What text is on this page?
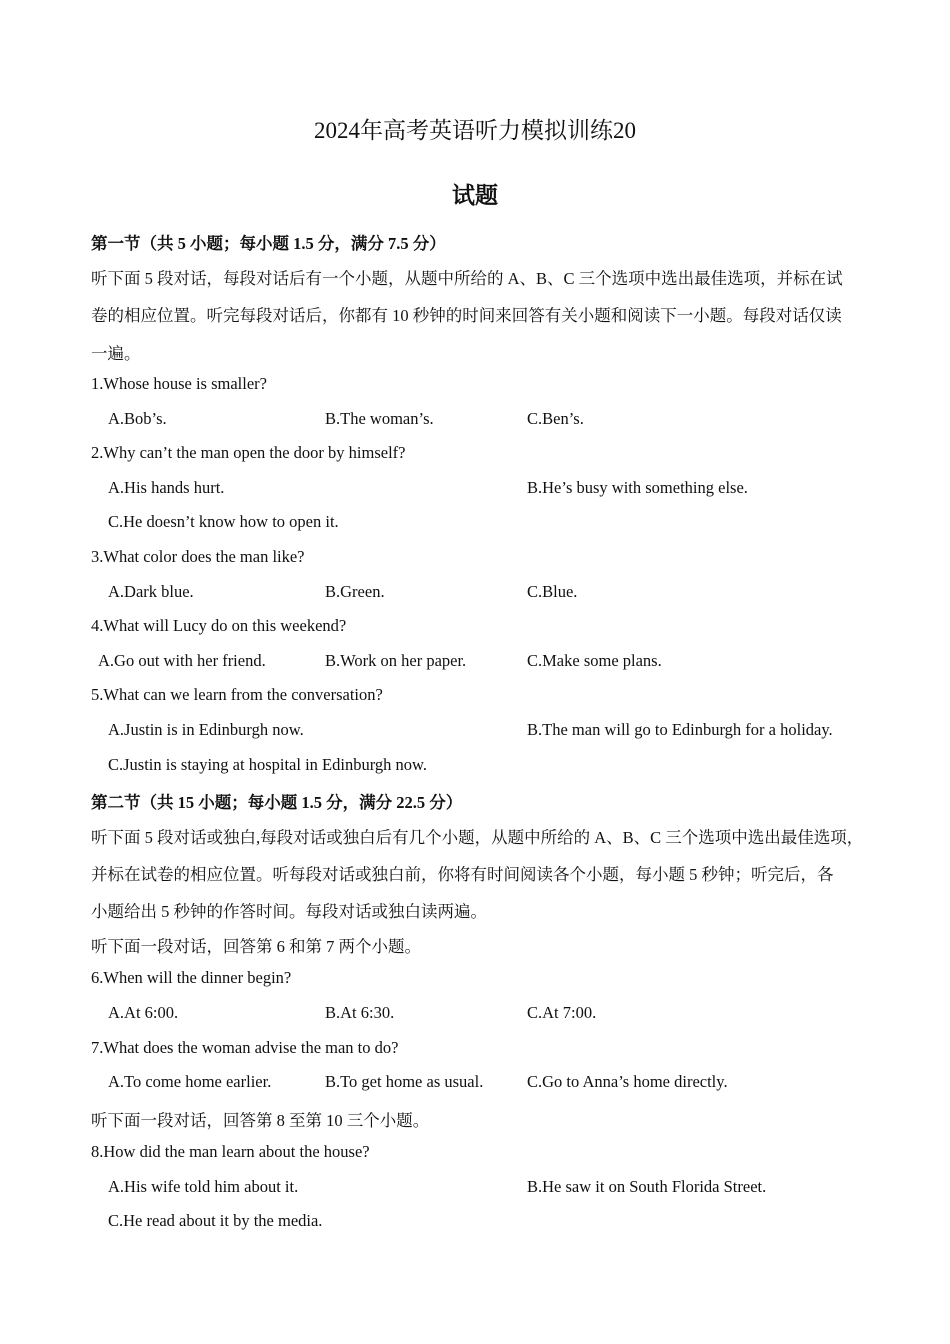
2024年高考英语听力模拟训练20
试题
第一节（共 5 小题；每小题 1.5 分，满分 7.5 分）
听下面 5 段对话，每段对话后有一个小题，从题中所给的 A、B、C 三个选项中选出最佳选项，并标在试
卷的相应位置。听完每段对话后，你都有 10 秒钟的时间来回答有关小题和阅读下一小题。每段对话仅读
一遍。
1.Whose house is smaller?
A.Bob’s.	B.The woman’s.	C.Ben’s.
2.Why can’t the man open the door by himself?
A.His hands hurt.	B.He’s busy with something else.
C.He doesn’t know how to open it.
3.What color does the man like?
A.Dark blue.	B.Green.	C.Blue.
4.What will Lucy do on this weekend?
A.Go out with her friend.	B.Work on her paper.	C.Make some plans.
5.What can we learn from the conversation?
A.Justin is in Edinburgh now.	B.The man will go to Edinburgh for a holiday.
C.Justin is staying at hospital in Edinburgh now.
第二节（共 15 小题；每小题 1.5 分，满分 22.5 分）
听下面 5 段对话或独白,每段对话或独白后有几个小题，从题中所给的 A、B、C 三个选项中选出最佳选项，
并标在试卷的相应位置。听每段对话或独白前，你将有时间阅读各个小题，每小题 5 秒钟；听完后，各
小题给出 5 秒钟的作答时间。每段对话或独白读两遍。
听下面一段对话，回答第 6 和第 7 两个小题。
6.When will the dinner begin?
A.At 6:00.	B.At 6:30.	C.At 7:00.
7.What does the woman advise the man to do?
A.To come home earlier.	B.To get home as usual.	C.Go to Anna’s home directly.
听下面一段对话，回答第 8 至第 10 三个小题。
8.How did the man learn about the house?
A.His wife told him about it.	B.He saw it on South Florida Street.
C.He read about it by the media.
